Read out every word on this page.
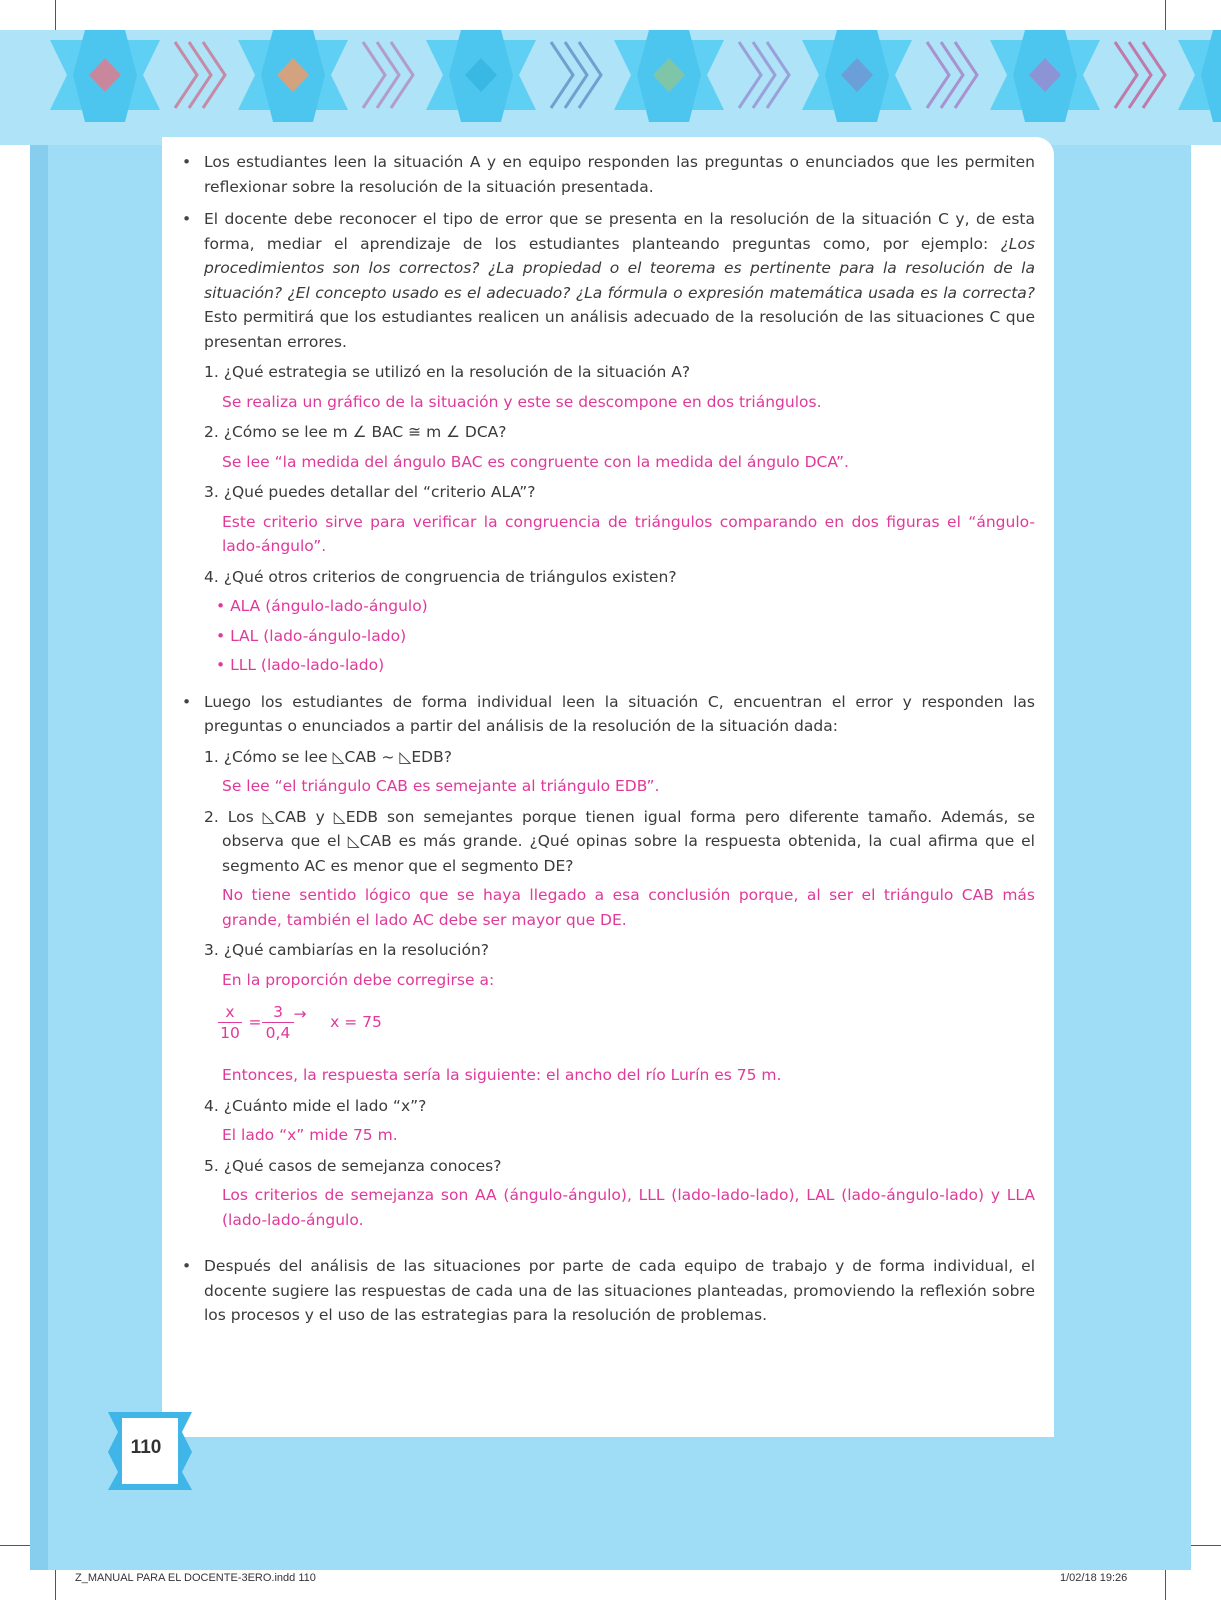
• Los estudiantes leen la situación A y en equipo responden las preguntas o enunciados que les permiten reflexionar sobre la resolución de la situación presentada.
• El docente debe reconocer el tipo de error que se presenta en la resolución de la situación C y, de esta forma, mediar el aprendizaje de los estudiantes planteando preguntas como, por ejemplo: ¿Los procedimientos son los correctos? ¿La propiedad o el teorema es pertinente para la resolución de la situación? ¿El concepto usado es el adecuado? ¿La fórmula o expresión matemática usada es la correcta? Esto permitirá que los estudiantes realicen un análisis adecuado de la resolución de las situaciones C que presentan errores.
1. ¿Qué estrategia se utilizó en la resolución de la situación A?
Se realiza un gráfico de la situación y este se descompone en dos triángulos.
2. ¿Cómo se lee m ∠ BAC ≅ m ∠ DCA?
Se lee “la medida del ángulo BAC es congruente con la medida del ángulo DCA”.
3. ¿Qué puedes detallar del “criterio ALA”?
Este criterio sirve para verificar la congruencia de triángulos comparando en dos figuras el “ángulo-lado-ángulo”.
4. ¿Qué otros criterios de congruencia de triángulos existen?
• ALA (ángulo-lado-ángulo)
• LAL (lado-ángulo-lado)
• LLL (lado-lado-lado)
• Luego los estudiantes de forma individual leen la situación C, encuentran el error y responden las preguntas o enunciados a partir del análisis de la resolución de la situación dada:
1. ¿Cómo se lee ◺CAB ~ ◺EDB?
Se lee “el triángulo CAB es semejante al triángulo EDB”.
2. Los ◺CAB y ◺EDB son semejantes porque tienen igual forma pero diferente tamaño. Además, se observa que el ◺CAB es más grande. ¿Qué opinas sobre la respuesta obtenida, la cual afirma que el segmento AC es menor que el segmento DE?
No tiene sentido lógico que se haya llegado a esa conclusión porque, al ser el triángulo CAB más grande, también el lado AC debe ser mayor que DE.
3. ¿Qué cambiarías en la resolución?
En la proporción debe corregirse a:
$\frac{x}{10} = \frac{3}{0,4} \to x = 75$
Entonces, la respuesta sería la siguiente: el ancho del río Lurín es 75 m.
4. ¿Cuánto mide el lado “x”?
El lado “x” mide 75 m.
5. ¿Qué casos de semejanza conoces?
Los criterios de semejanza son AA (ángulo-ángulo), LLL (lado-lado-lado), LAL (lado-ángulo-lado) y LLA (lado-lado-ángulo.
• Después del análisis de las situaciones por parte de cada equipo de trabajo y de forma individual, el docente sugiere las respuestas de cada una de las situaciones planteadas, promoviendo la reflexión sobre los procesos y el uso de las estrategias para la resolución de problemas.
110
Z_MANUAL PARA EL DOCENTE-3ERO.indd 110	1/02/18 19:26
